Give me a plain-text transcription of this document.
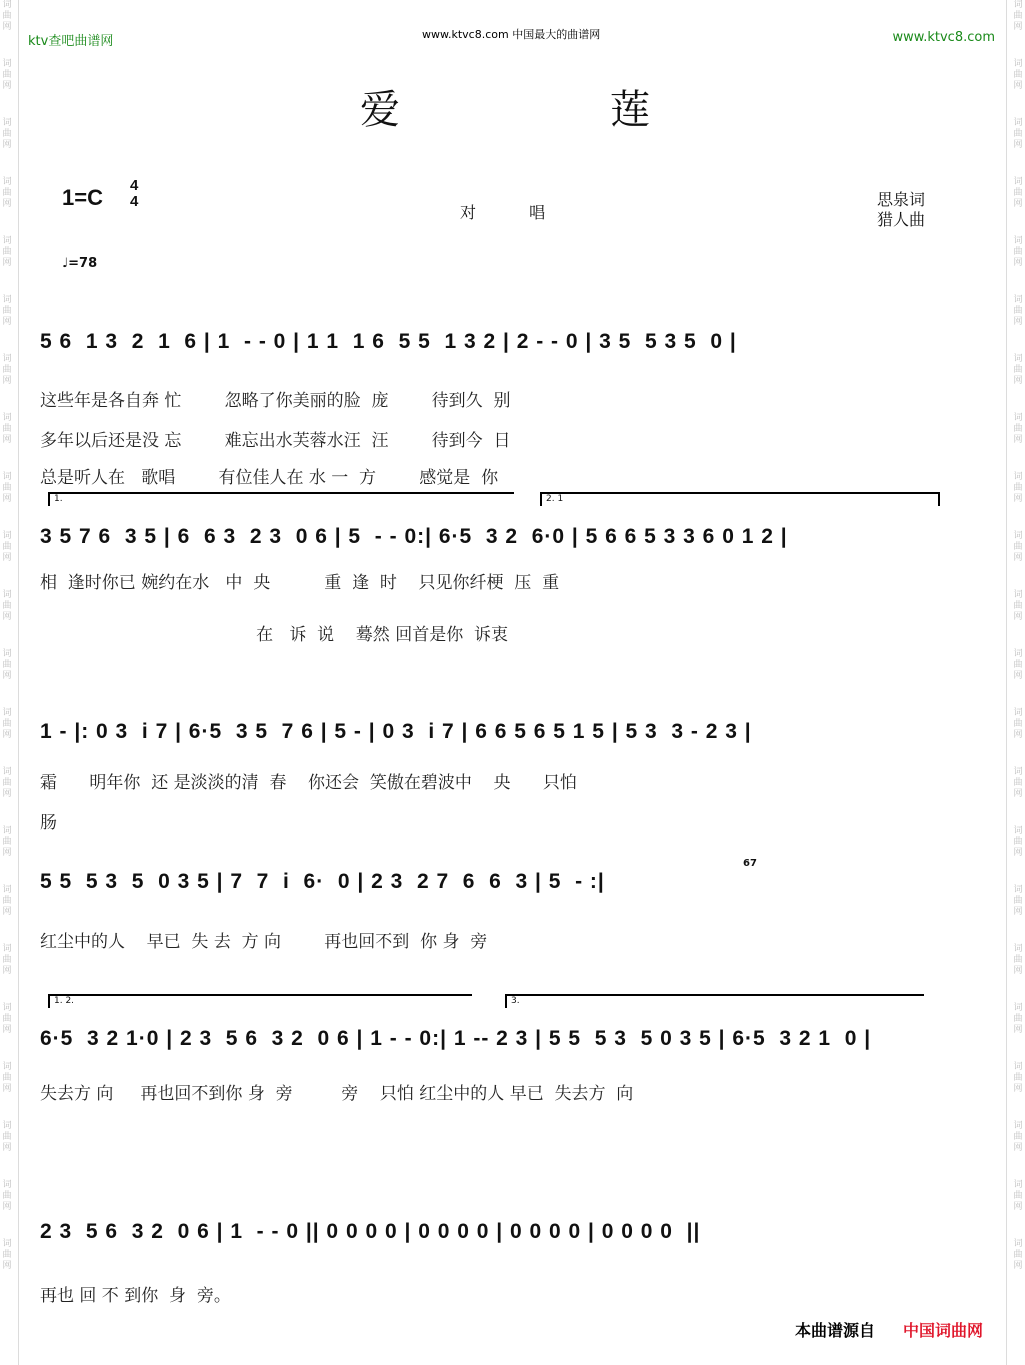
词
曲
网
词
曲
网
词
曲
网
词
曲
网
词
曲
网
词
曲
网
词
曲
网
词
曲
网
词
曲
网
词
曲
网
词
曲
网
词
曲
网
词
曲
网
词
曲
网
词
曲
网
词
曲
网
词
曲
网
词
曲
网
词
曲
网
词
曲
网
词
曲
网
词
曲
网
词
曲
网
词
曲
网
词
曲
网
词
曲
网
词
曲
网
词
曲
网
词
曲
网
词
曲
网
词
曲
网
词
曲
网
词
曲
网
词
曲
网
词
曲
网
词
曲
网
词
曲
网
词
曲
网
词
曲
网
词
曲
网
词
曲
网
词
曲
网
词
曲
网
词
曲
网
ktv查吧曲谱网	www.ktvc8.com 中国最大的曲谱网	www.ktvc8.com
爱	莲
1=C 4
4
对 唱
思泉词
猎人曲
♩=78
5 6  1 3  2  1  6 | 1  - - 0 | 1 1  1 6  5 5  1 3 2 | 2 - - 0 | 3 5  5 3 5  0 |
这些年是各自奔 忙        忽略了你美丽的脸  庞        待到久  别
多年以后还是没 忘        难忘出水芙蓉水汪  汪        待到今  日
总是听人在   歌唱        有位佳人在 水 一  方        感觉是  你
1.	2. 1
3 5 7 6  3 5 | 6  6 3  2 3  0 6 | 5  - - 0:| 6·5  3 2  6·0 | 5 6 6 5 3 3 6 0 1 2 |
相  逢时你已 婉约在水   中  央          重  逢  时    只见你纤梗  压  重
在   诉  说    蓦然 回首是你  诉衷
1 - |: 0 3  i 7 | 6·5  3 5  7 6 | 5 - | 0 3  i 7 | 6 6 5 6 5 1 5 | 5 3  3 - 2 3 |
霜      明年你  还 是淡淡的清  春    你还会  笑傲在碧波中    央      只怕
肠
67
5 5  5 3  5  0 3 5 | 7  7  i  6·  0 | 2 3  2 7  6  6  3 | 5  - :|
红尘中的人    早已  失 去  方 向        再也回不到  你 身  旁
1. 2.	3.
6·5  3 2 1·0 | 2 3  5 6  3 2  0 6 | 1 - - 0:| 1 -- 2 3 | 5 5  5 3  5 0 3 5 | 6·5  3 2 1  0 |
失去方 向     再也回不到你 身  旁         旁    只怕 红尘中的人 早已  失去方  向
2 3  5 6  3 2  0 6 | 1  - - 0 || 0 0 0 0 | 0 0 0 0 | 0 0 0 0 | 0 0 0 0  ||
再也 回 不 到你  身  旁。
本曲谱源自 中国词曲网
